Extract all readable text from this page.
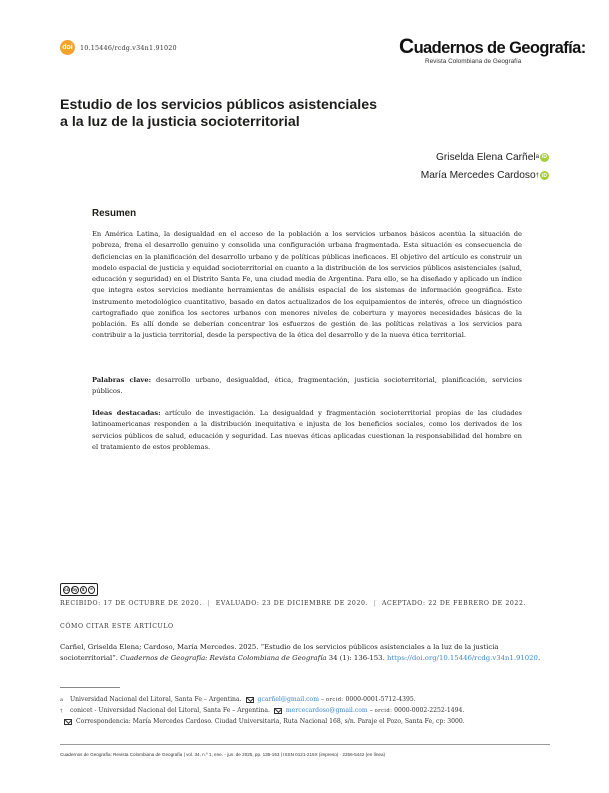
doi	10.15446/rcdg.v34n1.91020	Cuadernos de Geografía:
Revista Colombiana de Geografía
Estudio de los servicios públicos asistenciales
a la luz de la justicia socioterritorial
Griselda Elena Carñel a iD
María Mercedes Cardoso † iD
Resumen

En América Latina, la desigualdad en el acceso de la población a los servicios urbanos básicos acentúa la situación de pobreza, frena el desarrollo genuino y consolida una configuración urbana fragmentada. Esta situación es consecuencia de deficiencias en la planificación del desarrollo urbano y de políticas públicas ineficaces. El objetivo del artículo es construir un modelo espacial de justicia y equidad socioterritorial en cuanto a la distribución de los servicios públicos asistenciales (salud, educación y seguridad) en el Distrito Santa Fe, una ciudad media de Argentina. Para ello, se ha diseñado y aplicado un índice que integra estos servicios mediante herramientas de análisis espacial de los sistemas de información geográfica. Este instrumento metodológico cuantitativo, basado en datos actualizados de los equipamientos de interés, ofrece un diagnóstico cartografiado que zonifica los sectores urbanos con menores niveles de cobertura y mayores necesidades básicas de la población. Es allí donde se deberían concentrar los esfuerzos de gestión de las políticas relativas a los servicios para contribuir a la justicia territorial, desde la perspectiva de la ética del desarrollo y de la nueva ética territorial.

Palabras clave: desarrollo urbano, desigualdad, ética, fragmentación, justicia socioterritorial, planificación, servicios públicos.

Ideas destacadas: artículo de investigación. La desigualdad y fragmentación socioterritorial propias de las ciudades latinoamericanas responden a la distribución inequitativa e injusta de los beneficios sociales, como los derivados de los servicios públicos de salud, educación y seguridad. Las nuevas éticas aplicadas cuestionan la responsabilidad del hombre en el tratamiento de estos problemas.

cc by $	=
RECIBIDO: 17 DE OCTUBRE DE 2020. | EVALUADO: 23 DE DICIEMBRE DE 2020. | ACEPTADO: 22 DE FEBRERO DE 2022.
CÓMO CITAR ESTE ARTÍCULO

Carñel, Griselda Elena; Cardoso, María Mercedes. 2025. “Estudio de los servicios públicos asistenciales a la luz de la justicia socioterritorial”. Cuadernos de Geografía: Revista Colombiana de Geografía 34 (1): 136-153. https://doi.org/10.15446/rcdg.v34n1.91020.

a	Universidad Nacional del Litoral, Santa Fe – Argentina.	gcarñel@gmail.com
–
orcid:
0000-0001-5712-4395.
†	conicet - Universidad Nacional del Litoral, Santa Fe – Argentina.	mercecardoso@gmail.com
–
orcid:
0000-0002-2252-1494.
Correspondencia: María Mercedes Cardoso. Ciudad Universitaria, Ruta Nacional 168, s/n. Paraje el Pozo, Santa Fe, cp: 3000.
Cuadernos de Geografía: Revista Colombiana de Geografía | vol. 34, n.º 1, ene. - jun. de 2025, pp. 136-153 | ISSN 0121-215X (impreso) · 2256-5442 (en línea)
